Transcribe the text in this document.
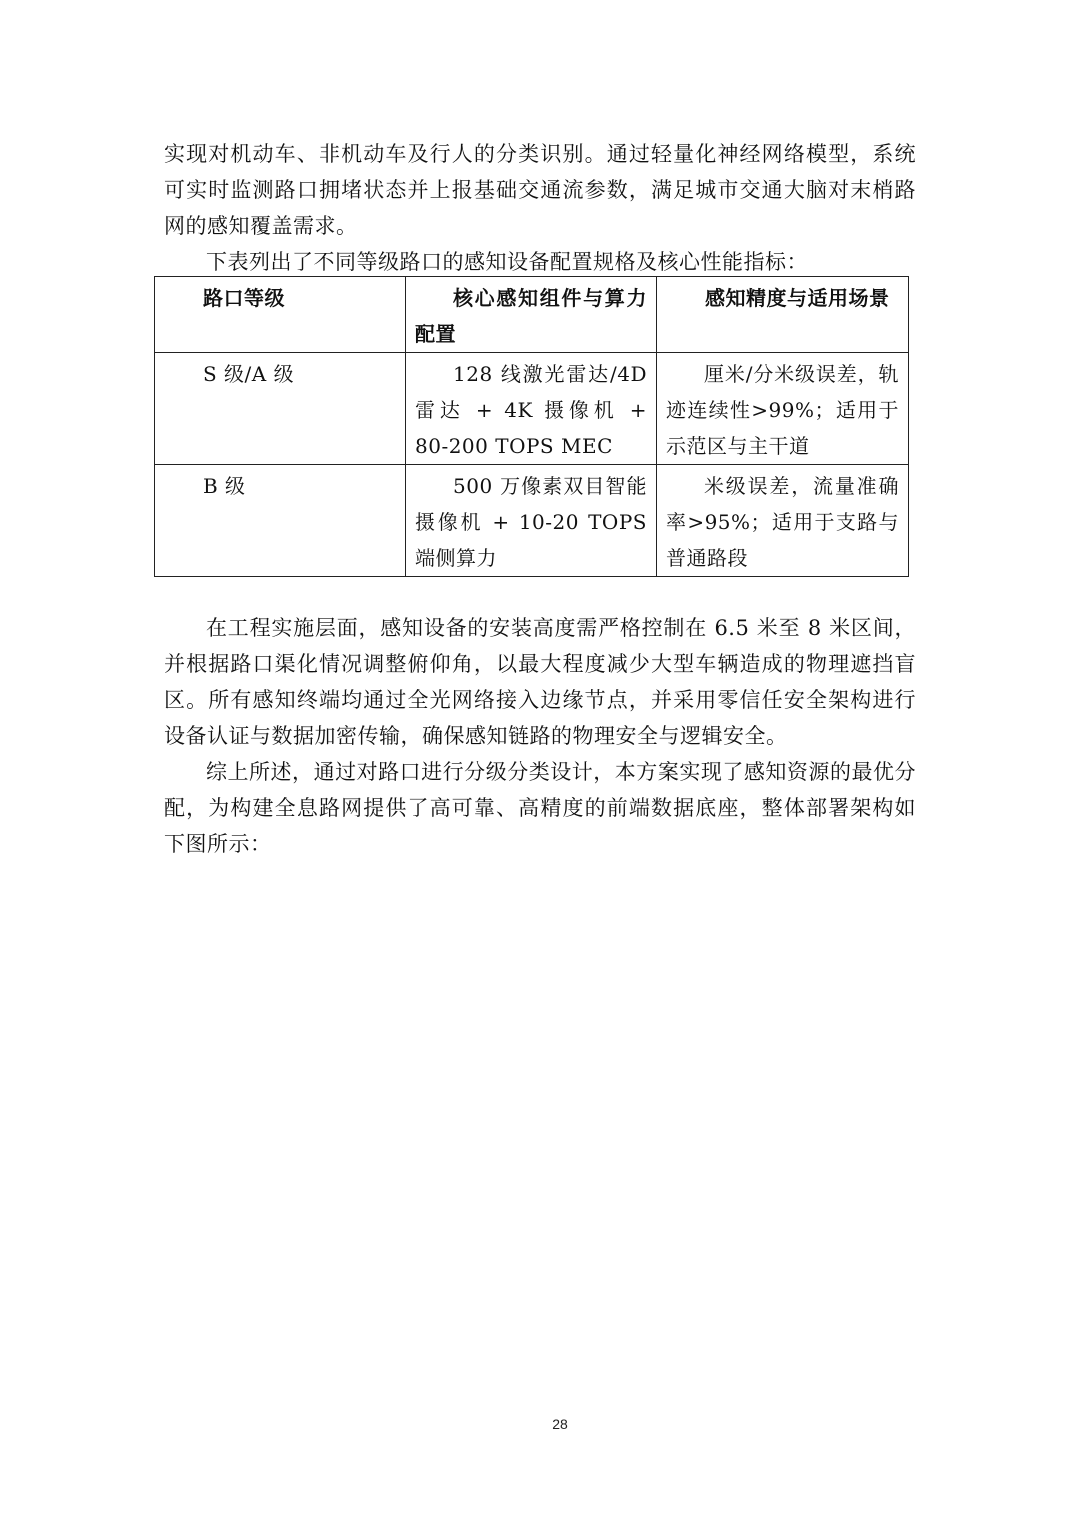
实现对机动车、非机动车及行人的分类识别。通过轻量化神经网络模型，系统可实时监测路口拥堵状态并上报基础交通流参数，满足城市交通大脑对末梢路网的感知覆盖需求。
下表列出了不同等级路口的感知设备配置规格及核心性能指标：
路口等级	核心感知组件与算力配置	感知精度与适用场景
S 级/A 级	128 线激光雷达/4D 雷达 + 4K 摄像机 + 80-200 TOPS MEC	厘米/分米级误差，轨迹连续性>99%；适用于示范区与主干道
B 级	500 万像素双目智能摄像机 + 10-20 TOPS 端侧算力	米级误差，流量准确率>95%；适用于支路与普通路段

在工程实施层面，感知设备的安装高度需严格控制在 6.5 米至 8 米区间，并根据路口渠化情况调整俯仰角，以最大程度减少大型车辆造成的物理遮挡盲区。所有感知终端均通过全光网络接入边缘节点，并采用零信任安全架构进行设备认证与数据加密传输，确保感知链路的物理安全与逻辑安全。

综上所述，通过对路口进行分级分类设计，本方案实现了感知资源的最优分配，为构建全息路网提供了高可靠、高精度的前端数据底座，整体部署架构如下图所示：

28
